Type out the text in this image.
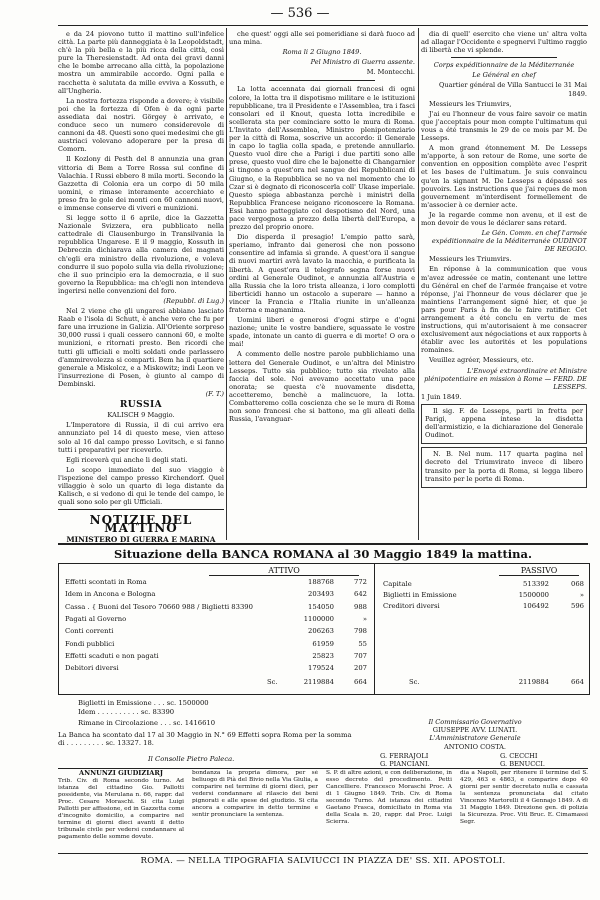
— 536 —

e da 24 piovono tutto il mattino sull'infelice città. La parte più danneggiata è la Leopoldstadt, ch'è la più bella e la più ricca della città, così pure la Theresienstadt. Ad onta dei gravi danni che le bombe arrecano alla città, la popolazione mostra un ammirabile accordo. Ogni palla e racchetta è salutata da mille evviva a Kossuth, e all'Ungheria.

La nostra fortezza risponde a dovere; è visibile poi che la fortezza di Ofen è da ogni parte assediata dai nostri. Görgey è arrivato, e conduce seco un numero considerevole di cannoni da 48. Questi sono quei medesimi che gli austriaci volevano adoperare per la presa di Comorn.

Il Kozlony di Pesth del 8 annunzia una gran vittoria di Bem a Torre Rossa sul confine di Valachia. I Russi ebbero 8 mila morti. Secondo la Gazzetta di Colonia era un corpo di 50 mila uomini, e rimase interamente accerchiato e preso fra le gole dei monti con 60 cannoni nuovi, e immense conserve di viveri e munizioni.

Si legge sotto il 6 aprile, dice la Gazzetta Nazionale Svizzera, era pubblicato nella cattedrale di Clausenburgo in Transilvania la repubblica Ungarese. E il 9 maggio, Kossuth in Debreczin dichiarava alla camera dei magnati ch'egli era ministro della rivoluzione, e voleva condurre il suo popolo sulla via della rivoluzione; che il suo principio era la democrazia, e il suo governo la Repubblica: ma ch'egli non intendeva ingerirsi nelle convenzioni del foro.

(Repubbl. di Lug.)

Nel 2 viene che gli ungaresi abbiano lasciato Raab e l'isola di Schutt, è anche vero che fu per fare una irruzione in Galizia. All'Oriente sorpreso 30,000 russi i quali cessero cannoni 60, e molte munizioni, e ritornati presto. Ben ricordi che tutti gli ufficiali e molti soldati onde parlassero d'ammirevolezza si comparti. Bem ha il quartiere generale a Miskolcz, e a Miskowitz; indi Leon ve l'insurrezione di Posen, è giunto al campo di Dembinski.

(F. T.)

RUSSIA

KALISCH 9 Maggio.

L'Imperatore di Russia, il di cui arrivo era annunziato pel 14 di questo mese, vien atteso solo al 16 dal campo presso Lovitsch, e si fanno tutti i preparativi per riceverlo.

Egli riceverà qui anche li degli stati.

Lo scopo immediato del suo viaggio è l'ispezione del campo presso Kirchendorf. Quel villaggio è solo un quarto di lega distante da Kalisch, e si vedono di qui le tende del campo, le quali sono solo per gli Ufficiali.

NOTIZIE DEL MATTINO
MINISTERO DI GUERRA E MARINA

che quest' oggi alle sei pomeridiane si darà fuoco ad una mina.

Roma li 2 Giugno 1849.

Pel Ministro di Guerra assente.

M. Montecchi.

La lotta accennata dai giornali francesi di ogni colore, la lotta tra il dispotismo militare e le istituzioni repubblicane, tra il Presidente e l'Assemblea, tra i fasci consolari ed il Knout, questa lotta incredibile e scellerata sta per cominciare sotto le mura di Roma. L'Invitato dell'Assemblea, Ministro plenipotenziario per la città di Roma, soscrive un accordo: il Generale in capo lo taglia colla spada, e pretende annullarlo. Questo vuol dire che a Parigi i due partiti sono alle prese, questo vuol dire che le bajonette di Changarnier si tingono a quest'ora nel sangue dei Repubblicani di Giugno, e la Repubblica se no va nel momento che lo Czar si è degnato di riconoscerla coll' Ukase imperiale. Questo spiega abbastanza perchè i ministri della Repubblica Francese neigano riconoscere la Romana. Essi hanno patteggiato col despotismo del Nord, una pace vergognosa a prezzo della libertà dell'Europa, a prezzo del proprio onore.

Dio disperda il presagio! L'empio patto sarà, speriamo, infranto dai generosi che non possono consentire ad infamia sì grande. A quest'ora il sangue di nuovi martiri avrà lavato la macchia, e purificata la libertà. A quest'ora il telegrafo segna forse nuovi ordini al Generale Oudinot, e annunzia all'Austria e alla Russia che la loro trista alleanza, i loro complotti liberticidi hanno un ostacolo a superare — hanno a vincer la Francia e l'Italia riunite in un'alleanza fraterna e magnanima.

Uomini liberi e generosi d'ogni stirpe e d'ogni nazione; unite le vostre bandiere, squassate le vostre spade, intonate un canto di guerra e di morte! O ora o mai!

A commento delle nostre parole pubblichiamo una lettera del Generale Oudinot, e un'altra del Ministro Lesseps. Tutto sia pubblico; tutto sia rivelato alla faccia del sole. Noi avevamo accettato una pace onorata; se questa c'è nuovamente disdetta, accetteremo, benchè a malincuore, la lotta. Combatteremo colla coscienza che se le mura di Roma non sono francesi che si battono, ma gli alleati della Russia, l'avanguar-

dia di quell' esercito che viene un' altra volta ad allagar l'Occidente e spegnervi l'ultimo raggio di libertà che vi splende.

Corps expéditionnaire de la Méditerranée

Le Général en chef

Quartier général de Villa Santucci le 31 Mai 1849.

Messieurs les Triumvirs,

J'ai eu l'honneur de vous faire savoir ce matin que j'acceptais pour mon compte l'ultimatum qui vous a été transmis le 29 de ce mois par M. De Lesseps.

A mon grand étonnement M. De Lesseps m'apporte, à son retour de Rome, une sorte de convention en opposition complète avec l'esprit et les bases de l'ultimatum. Je suis convaincu qu'en la signant M. De Lesseps a dépassé ses pouvoirs. Les instructions que j'ai reçues de mon gouvernement m'interdisent formellement de m'associer à ce dernier acte.

Je la regarde comme non avenu, et il est de mon devoir de vous le déclarer sans retard.

Le Gén. Comm. en chef l'armée expéditionnaire de la Méditerranée OUDINOT DE REGGIO.

Messieurs les Triumvirs.

En réponse à la communication que vous m'avez adressée ce matin, contenant une lettre du Général en chef de l'armée française et votre réponse, j'ai l'honneur de vous déclarer que je maintiens l'arrangement signé hier, et que je pars pour Paris à fin de le faire ratifier. Cet arrangement a été conclu en vertu de mes instructions, qui m'autorisaient à me consacrer exclusivement aux négociations et aux rapports à établir avec les autorités et les populations romaines.

Veuillez agréer, Messieurs, etc.

L'Envoyé extraordinaire et Ministre plénipotentiaire en mission à Rome — FERD. DE LESSEPS.

1 Juin 1849.

Il sig. F. de Lesseps, parti in fretta per Parigi, appena intese la disdetta dell'armistizio, e la dichiarazione del Generale Oudinot.

N. B. Nel num. 117 quarta pagina nel decreto del Triumvirato invece di libero transito per la porta di Roma, si legga libero transito per le porte di Roma.

Situazione della BANCA ROMANA al 30 Maggio 1849 la mattina.
ATTIVO	PASSIVO
Effetti scontati in Roma	188768	772
Idem in Ancona e Bologna	203493	642
Cassa . { Buoni del Tesoro 70660 988 / Biglietti 83390	154050	988
Pagati al Governo	1100000	»
Conti correnti	206263	798
Fondi pubblici	61959	55
Effetti scaduti e non pagati	25823	707
Debitori diversi	179524	207
Capitale	513392	068
Biglietti in Emissione	1500000	»
Creditori diversi	106492	596
Sc.	2119884	664	Sc.	2119884	664
Biglietti in Emissione . . . sc. 1500000
Idem . . . . . . . . . . sc. 83390
Rimane in Circolazione . . . sc. 1416610
La Banca ha scontato dal 17 al 30 Maggio in N.° 69 Effetti sopra Roma per la somma di . . . . . . . . . sc. 13327. 18.
Il Consolle Pietro Paleca.
Il Commissario Governativo
GIUSEPPE AVV. LUNATI.
L'Amministratore Generale
ANTONIO COSTA.
G. FERRAJOLI
G. PIANCIANI.
G. CECCHI
G. BENUCCI.
ANNUNZI GIUDIZIARJ
Trib. Civ. di Roma secondo turno. Ad istanza del cittadino Gio. Pallotti possidente, via Merulana n. 66, rappr. dal Proc. Cesare Moraschi. Si cita Luigi Pallotti per affissione, ed in Gazzetta come d'incognito domicilio, a comparire nel termine di giorni dieci avanti il detto tribunale civile per vedersi condannare al pagamento delle somme dovute.
bondanza la propria dimora, per sé beliuogo di Pià del Bivio nella Via Giulia, a comparire nel termine di giorni dieci, per vedersi condannare al rilascio dei beni pignorati e alle spese del giudizio. Si cita ancora a comparire in detto termine e sentir pronunciare la sentenza.
S. P. di altre azioni, e con deliberazione, in esso decreto del procedimento. Petti Cancelliere. Francesco Moraschi Proc. A di 1 Giugno 1849. Trib. Civ. di Roma secondo Turno. Ad istanza dei cittadini Gaetano Frasca, domiciliato in Roma via della Scala n. 20, rappr. dal Proc. Luigi Scierra.
dia a Napoli, per ritenere il termine del S. 429, 463 e 4863, e comparire dopo 40 giorni per sentir decretato nulla e cassata la sentenza pronunciata dal citato Vincenzo Martorelli il 4 Gennajo 1849. A di 31 Maggio 1849. Direzione gen. di polizia la Sicurezza. Proc. Viti Bruc. E. Cimamassi Segr.
ROMA. — NELLA TIPOGRAFIA SALVIUCCI IN PIAZZA DE' SS. XII. APOSTOLI.
